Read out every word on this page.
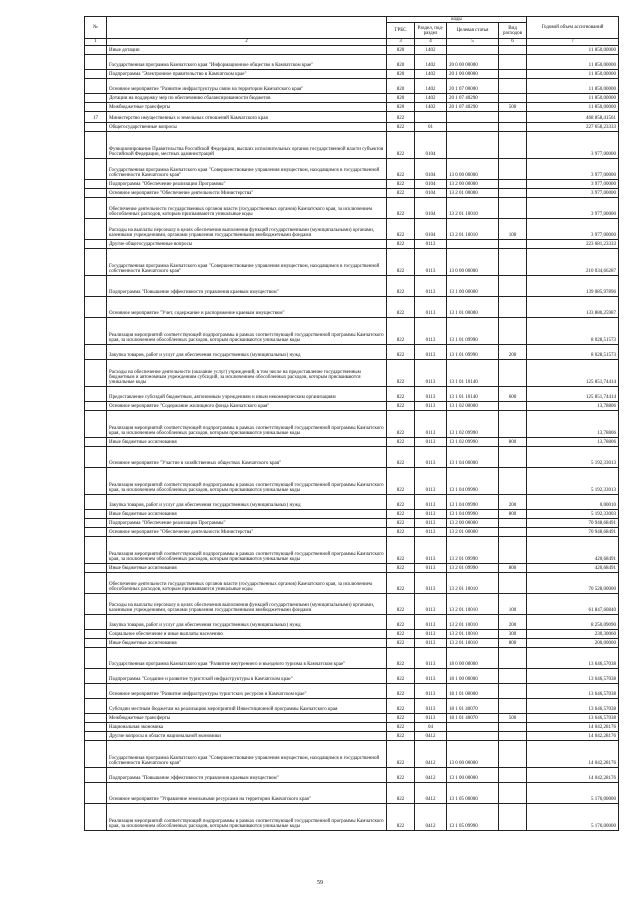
№		коды				Годовой объем ассигнований
		ГРБС	Раздел, под-раздел	Целевая статья	Вид расходов	
1	2	3	4	5	6	7
	Иные дотации	820	1402			11 850,00000
	Государственная программа Камчатского края "Информационное общество в Камчатском крае"	820	1402	20 0 00 00000		11 850,00000
	Подпрограмма "Электронное правительство в Камчатском крае"	820	1402	20 1 00 00000		11 850,00000
	Основное мероприятие "Развитие инфраструктуры связи на территории Камчатского края"	820	1402	20 1 07 00000		11 850,00000
	Дотации на поддержку мер по обеспечению сбалансированности бюджетов	820	1402	20 1 07 40290		11 850,00000
	Межбюджетные трансферты	820	1402	20 1 07 40290	500	11 850,00000
17	Министерство имущественных и земельных отношений Камчатского края	822				468 858,41561
	Общегосударственные вопросы	822	01			227 658,23333
	Функционирование Правительства Российской Федерации, высших исполнительных органов государственной власти субъектов Российской Федерации, местных администраций	822	0104			3 977,00000
	Государственная программа Камчатского края "Совершенствование управления имуществом, находящимся в государственной собственности Камчатского края"	822	0104	13 0 00 00000		3 977,00000
	Подпрограмма "Обеспечение реализации Программы"	822	0104	13 2 00 00000		3 977,00000
	Основное мероприятие "Обеспечение деятельности Министерства"	822	0104	13 2 01 00000		3 977,00000
	Обеспечение деятельности государственных органов власти (государственных органов) Камчатского края, за исключением обособленных расходов, которым присваиваются уникальные коды	822	0104	13 2 01 10010		3 977,00000
	Расходы на выплаты персоналу в целях обеспечения выполнения функций государственными (муниципальными) органами, казенными учреждениями, органами управления государственными внебюджетными фондами	822	0104	13 2 01 10010	100	3 977,00000
	Другие общегосударственные вопросы	822	0113			223 681,23333
	Государственная программа Камчатского края "Совершенствование управления имуществом, находящимся в государственной собственности Камчатского края"	822	0113	13 0 00 00000		210 034,66287
	Подпрограмма "Повышение эффективности управления краевым имуществом"	822	0113	13 1 00 00000		139 085,97896
	Основное мероприятие "Учет, содержание и распоряжение краевым имуществом"	822	0113	13 1 01 00000		133 880,25987
	Реализация мероприятий соответствующей подпрограммы в рамках соответствующей государственной программы Камчатского края, за исключением обособленных расходов, которым присваиваются уникальные коды	822	0113	13 1 01 09990		8 028,51573
	Закупка товаров, работ и услуг для обеспечения государственных (муниципальных) нужд	822	0113	13 1 01 09990	200	8 028,51573
	Расходы на обеспечение деятельности (оказание услуг) учреждений, в том числе на предоставление государственным бюджетным и автономным учреждениям субсидий, за исключением обособленных расходов, которым присваиваются уникальные коды	822	0113	13 1 01 10140		125 851,74414
	Предоставление субсидий бюджетным, автономным учреждениям и иным некоммерческим организациям	822	0113	13 1 01 10140	600	125 851,74414
	Основное мероприятие "Содержание жилищного фонда Камчатского края"	822	0113	13 1 02 00000		13,78806
	Реализация мероприятий соответствующей подпрограммы в рамках соответствующей государственной программы Камчатского края, за исключением обособленных расходов, которым присваиваются уникальные коды	822	0113	13 1 02 09990		13,78806
	Иные бюджетные ассигнования	822	0113	13 1 02 09990	800	13,78806
	Основное мероприятие "Участие в хозяйственных обществах Камчатского края"	822	0113	13 1 04 00000		5 192,33013
	Реализация мероприятий соответствующей подпрограммы в рамках соответствующей государственной программы Камчатского края, за исключением обособленных расходов, которым присваиваются уникальные коды	822	0113	13 1 04 09990		5 192,33013
	Закупка товаров, работ и услуг для обеспечения государственных (муниципальных) нужд	822	0113	13 1 04 09990	200	0,00010
	Иные бюджетные ассигнования	822	0113	13 1 04 09990	800	5 192,33003
	Подпрограмма "Обеспечение реализации Программы"	822	0113	13 2 00 00000		70 948,68491
	Основное мероприятие "Обеспечение деятельности Министерства"	822	0113	13 2 01 00000		70 948,68491
	Реализация мероприятий соответствующей подпрограммы в рамках соответствующей государственной программы Камчатского края, за исключением обособленных расходов, которым присваиваются уникальные коды	822	0113	13 2 01 09990		420,68491
	Иные бюджетные ассигнования	822	0113	13 2 01 09990	800	420,68491
	Обеспечение деятельности государственных органов власти (государственных органов) Камчатского края, за исключением обособленных расходов, которым присваиваются уникальные коды	822	0113	13 2 01 10010		70 528,00000
	Расходы на выплаты персоналу в целях обеспечения выполнения функций государственными (муниципальными) органами, казенными учреждениями, органами управления государственными внебюджетными фондами	822	0113	13 2 01 10010	100	61 847,60840
	Закупка товаров, работ и услуг для обеспечения государственных (муниципальных) нужд	822	0113	13 2 01 10010	200	8 250,09090
	Социальное обеспечение и иные выплаты населению	822	0113	13 2 01 10010	300	230,30060
	Иные бюджетные ассигнования	822	0113	13 2 01 10010	800	200,00000
	Государственная программа Камчатского края "Развитие внутреннего и въездного туризма в Камчатском крае"	822	0113	18 0 00 00000		13 646,57038
	Подпрограмма "Создание и развитие туристской инфраструктуры в Камчатском крае"	822	0113	18 1 00 00000		13 646,57038
	Основное мероприятие "Развитие инфраструктуры туристских ресурсов в Камчатском крае"	822	0113	18 1 01 00000		13 646,57038
	Субсидии местным бюджетам на реализацию мероприятий Инвестиционной программы Камчатского края	822	0113	18 1 01 40070		13 646,57038
	Межбюджетные трансферты	822	0113	18 1 01 40070	500	13 646,57038
	Национальная экономика	822	04			14 042,28176
	Другие вопросы в области национальной экономики	822	0412			14 042,28176
	Государственная программа Камчатского края "Совершенствование управления имуществом, находящимся в государственной собственности Камчатского края"	822	0412	13 0 00 00000		14 042,28176
	Подпрограмма "Повышение эффективности управления краевым имуществом"	822	0412	13 1 00 00000		14 042,28176
	Основное мероприятие "Управление земельными ресурсами на территории Камчатского края"	822	0412	13 1 05 00000		5 176,00000
	Реализация мероприятий соответствующей подпрограммы в рамках соответствующей государственной программы Камчатского края, за исключением обособленных расходов, которым присваиваются уникальные коды	822	0412	13 1 05 09990		5 176,00000
59
